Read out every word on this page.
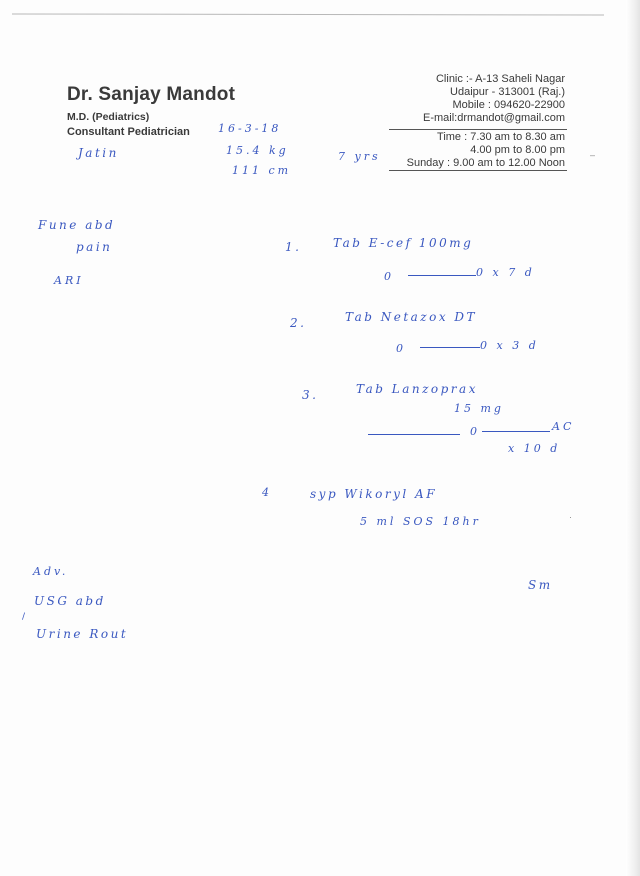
Dr. Sanjay Mandot
M.D. (Pediatrics)
Consultant Pediatrician
Clinic :- A-13 Saheli Nagar
Udaipur - 313001 (Raj.)
Mobile : 094620-22900
E-mail:drmandot@gmail.com
Time : 7.30 am to 8.30 am
4.00 pm to 8.00 pm
Sunday : 9.00 am to 12.00 Noon
16-3-18
Jatin	15.4 kg	7 yrs
111 cm
Fune abd
pain
ARI
1.	Tab E-cef 100mg
0	0 x 7 d
2.	Tab Netazox DT
0	0 x 3 d
3.	Tab Lanzoprax
15 mg
0	AC
x 10 d
4	syp Wikoryl AF
5 ml SOS 18hr
Adv.
USG abd
/
Urine Rout
Sm
–
·
